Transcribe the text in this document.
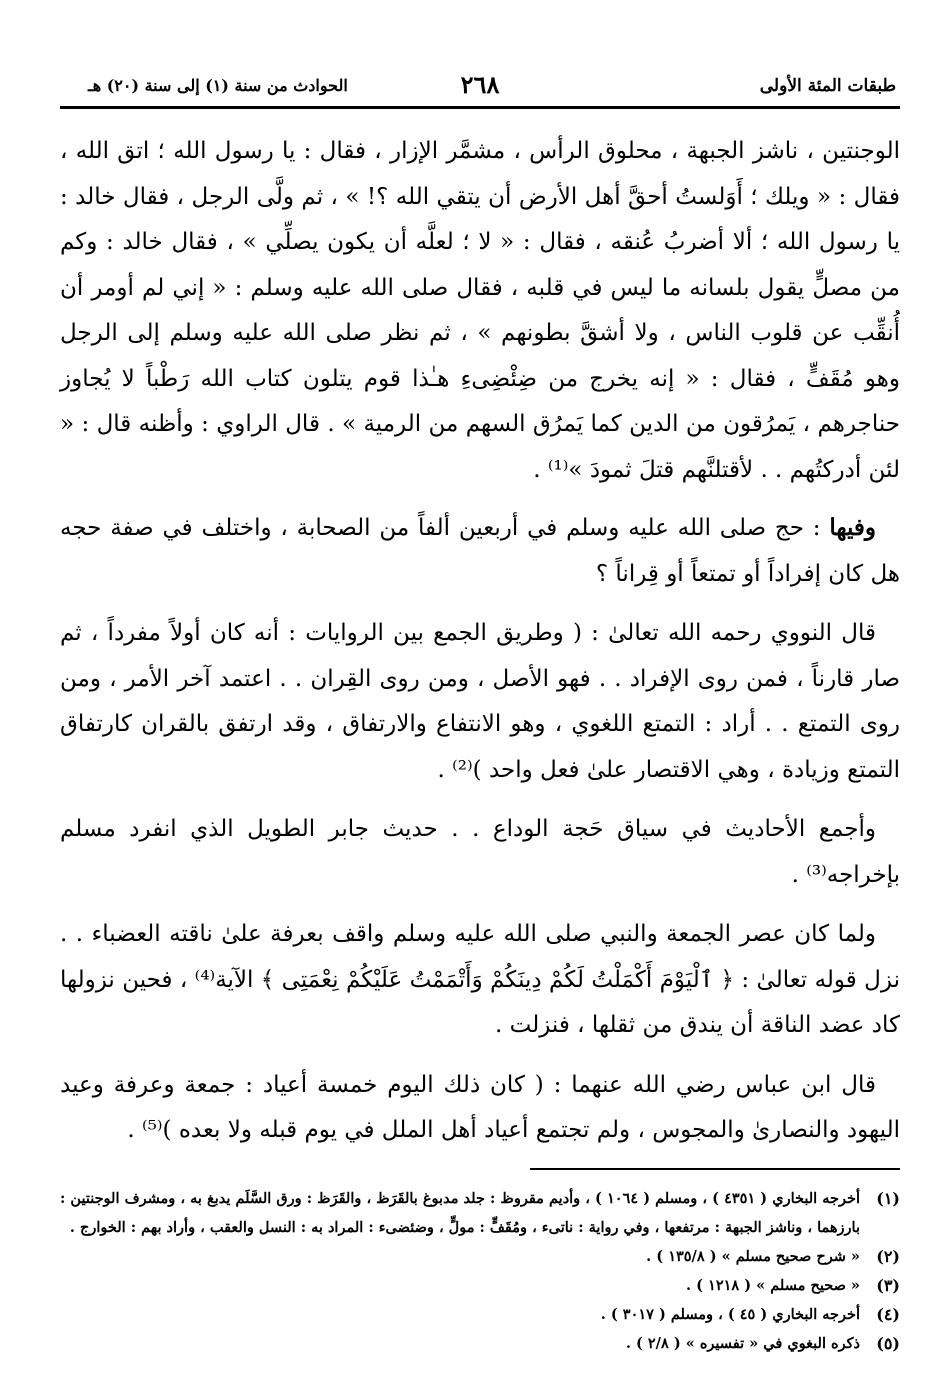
طبقات المئة الأولى
٢٦٨
الحوادث من سنة (١) إلى سنة (٢٠) هـ

الوجنتين ، ناشز الجبهة ، محلوق الرأس ، مشمَّر الإزار ، فقال : يا رسول الله ؛ اتق الله ، فقال : « ويلك ؛ أَوَلستُ أحقَّ أهل الأرض أن يتقي الله ؟! » ، ثم ولَّى الرجل ، فقال خالد : يا رسول الله ؛ ألا أضربُ عُنقه ، فقال : « لا ؛ لعلَّه أن يكون يصلِّي » ، فقال خالد : وكم من مصلٍّ يقول بلسانه ما ليس في قلبه ، فقال صلى الله عليه وسلم : « إني لم أومر أن أُنقِّب عن قلوب الناس ، ولا أشقَّ بطونهم » ، ثم نظر صلى الله عليه وسلم إلى الرجل وهو مُقَفٍّ ، فقال : « إنه يخرج من ضِئْضِىءِ هـٰذا قوم يتلون كتاب الله رَطْباً لا يُجاوز حناجرهم ، يَمرُقون من الدين كما يَمرُق السهم من الرمية » . قال الراوي : وأظنه قال : « لئن أدركتُهم . . لأقتلنَّهم قتلَ ثمودَ »⁽¹⁾ .

وفيها : حج صلى الله عليه وسلم في أربعين ألفاً من الصحابة ، واختلف في صفة حجه هل كان إفراداً أو تمتعاً أو قِراناً ؟

قال النووي رحمه الله تعالىٰ : ( وطريق الجمع بين الروايات : أنه كان أولاً مفرداً ، ثم صار قارناً ، فمن روى الإفراد . . فهو الأصل ، ومن روى القِران . . اعتمد آخر الأمر ، ومن روى التمتع . . أراد : التمتع اللغوي ، وهو الانتفاع والارتفاق ، وقد ارتفق بالقران كارتفاق التمتع وزيادة ، وهي الاقتصار علىٰ فعل واحد )⁽²⁾ .

وأجمع الأحاديث في سياق حَجة الوداع . . حديث جابر الطويل الذي انفرد مسلم بإخراجه⁽³⁾ .

ولما كان عصر الجمعة والنبي صلى الله عليه وسلم واقف بعرفة علىٰ ناقته العضباء . . نزل قوله تعالىٰ : ﴿ ٱلْيَوْمَ أَكْمَلْتُ لَكُمْ دِينَكُمْ وَأَتْمَمْتُ عَلَيْكُمْ نِعْمَتِى ﴾ الآية⁽⁴⁾ ، فحين نزولها كاد عضد الناقة أن يندق من ثقلها ، فنزلت .

قال ابن عباس رضي الله عنهما : ( كان ذلك اليوم خمسة أعياد : جمعة وعرفة وعيد اليهود والنصارىٰ والمجوس ، ولم تجتمع أعياد أهل الملل في يوم قبله ولا بعده )⁽⁵⁾ .

(١)
أخرجه البخاري ( ٤٣٥١ ) ، ومسلم ( ١٠٦٤ ) ، وأديم مقروظ : جلد مدبوغ بالقَرَظ ، والقَرَظ : ورق السَّلَم يدبغ به ، ومشرف الوجنتين : بارزهما ، وناشز الجبهة : مرتفعها ، وفي رواية : ناتىء ، ومُقَفٍّ : مولٍّ ، وضئضىء : المراد به : النسل والعقب ، وأراد بهم : الخوارج .
(٢)
« شرح صحيح مسلم » ( ١٣٥/٨ ) .
(٣)
« صحيح مسلم » ( ١٢١٨ ) .
(٤)
أخرجه البخاري ( ٤٥ ) ، ومسلم ( ٣٠١٧ ) .
(٥)
ذكره البغوي في « تفسيره » ( ٢/٨ ) .
